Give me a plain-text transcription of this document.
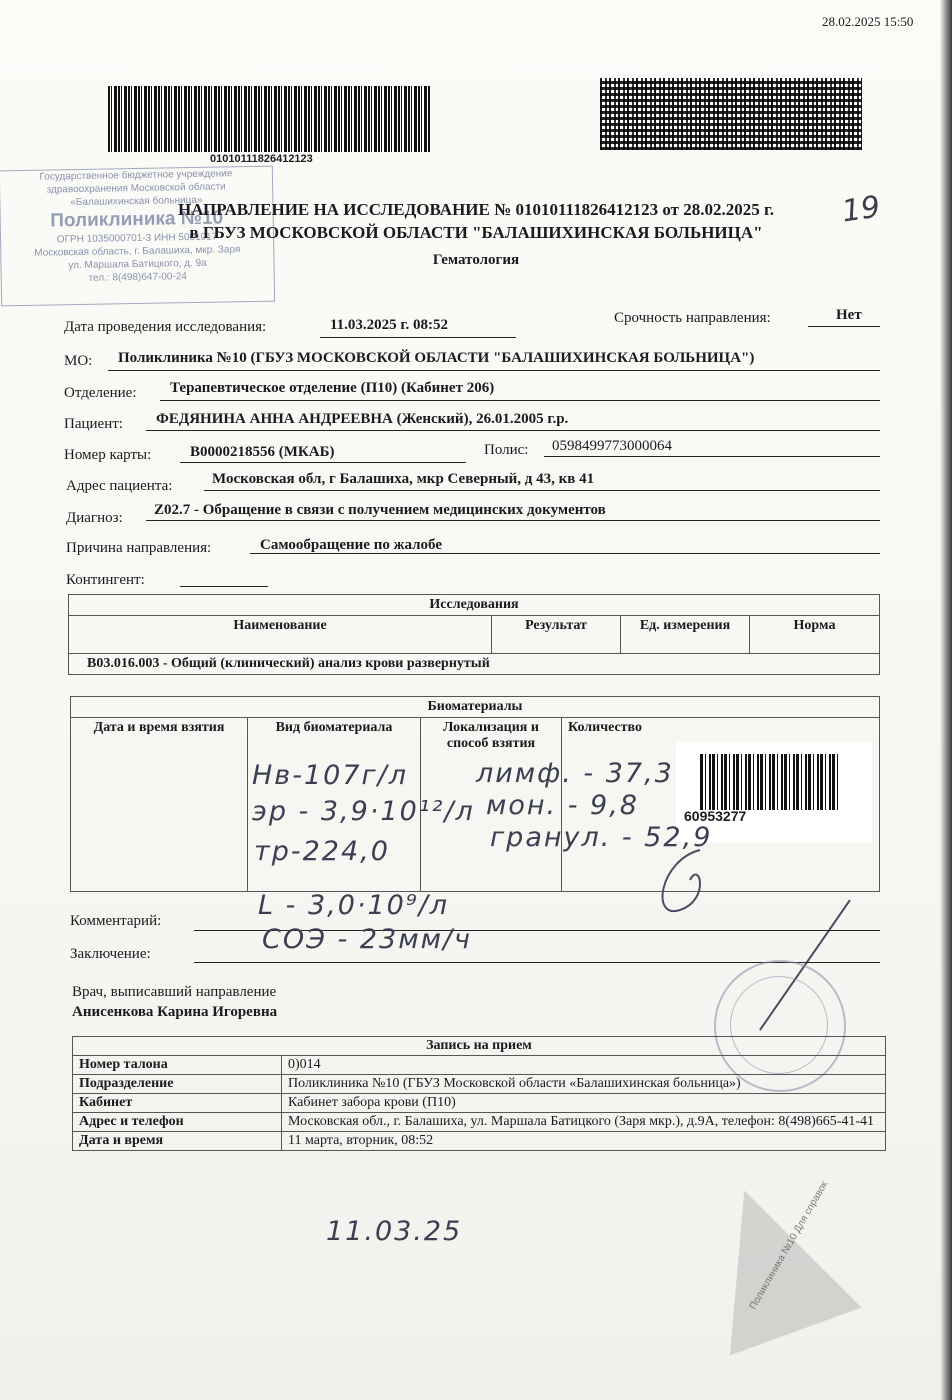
28.02.2025 15:50
01010111826412123
Государственное бюджетное учреждение
здравоохранения Московской области
«Балашихинская больница»
Поликлиника №10
ОГРН 1035000701-3 ИНН 5001017
Московская область, г. Балашиха, мкр. Заря
ул. Маршала Батицкого, д. 9а
тел.: 8(498)647-00-24
НАПРАВЛЕНИЕ НА ИССЛЕДОВАНИЕ № 01010111826412123 от 28.02.2025 г.
в ГБУЗ МОСКОВСКОЙ ОБЛАСТИ "БАЛАШИХИНСКАЯ БОЛЬНИЦА"
Гематология
19
Дата проведения исследования:	11.03.2025 г. 08:52	Срочность направления:	Нет
МО: Поликлиника №10 (ГБУЗ МОСКОВСКОЙ ОБЛАСТИ "БАЛАШИХИНСКАЯ БОЛЬНИЦА")
Отделение: Терапевтическое отделение (П10) (Кабинет 206)
Пациент: ФЕДЯНИНА АННА АНДРЕЕВНА (Женский), 26.01.2005 г.р.
Номер карты:	В0000218556 (МКАБ)	Полис: 0598499773000064
Адрес пациента:	Московская обл, г Балашиха, мкр Северный, д 43, кв 41
Диагноз: Z02.7 - Обращение в связи с получением медицинских документов
Причина направления:	Самообращение по жалобе
Контингент:
Исследования
Наименование	Результат	Ед. измерения	Норма
B03.016.003 - Общий (клинический) анализ крови развернутый
Биоматериалы
Дата и время взятия	Вид биоматериала	Локализация и способ взятия	Количество
60953277
Hв-107г/л
эр - 3,9·10¹²/л
тр-224,0
лимф. - 37,3
мон. - 9,8
гранул. - 52,9
Комментарий:	L - 3,0·10⁹/л
Заключение:	СОЭ - 23мм/ч
Врач, выписавший направление
Анисенкова Карина Игоревна
Запись на прием	
Номер талона	0)014
Подразделение	Поликлиника №10 (ГБУЗ Московской области «Балашихинская больница»)
Кабинет	Кабинет забора крови (П10)
Адрес и телефон	Московская обл., г. Балашиха, ул. Маршала Батицкого (Заря мкр.), д.9А, телефон: 8(498)665-41-41
Дата и время	11 марта, вторник, 08:52
11.03.25	Поликлиника №10 Для справок
